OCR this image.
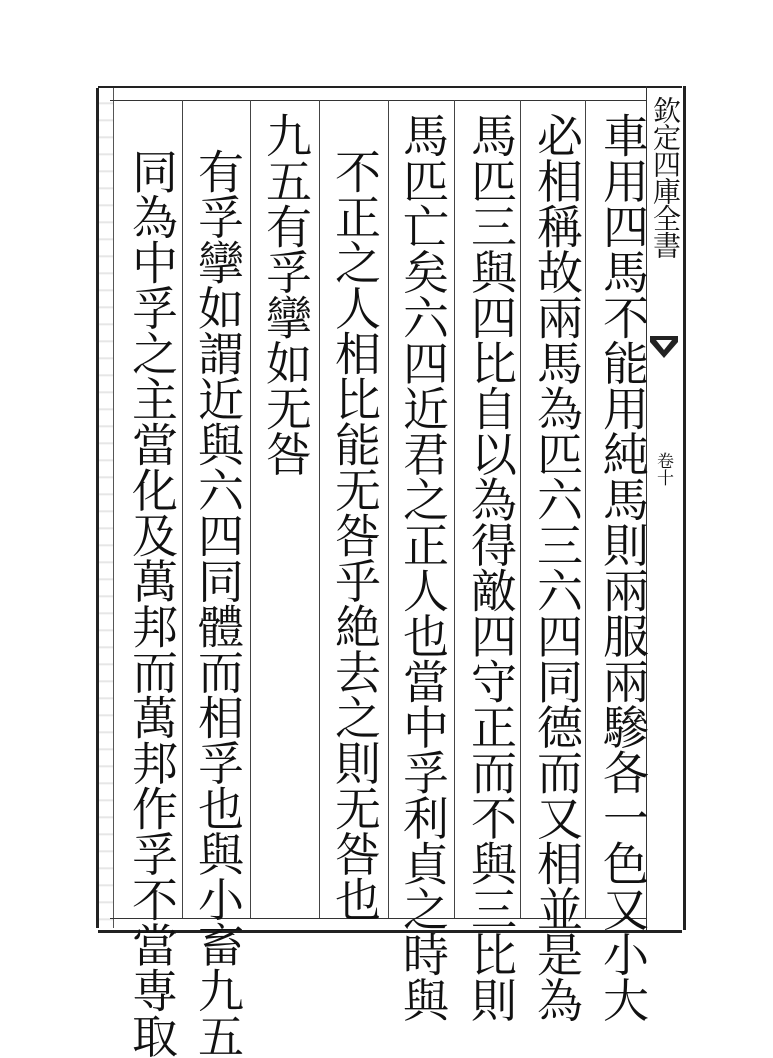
欽定四庫全書
卷十
車用四馬不能用純馬則兩服兩驂各一色又小大
必相稱故兩馬為匹六三六四同德而又相並是為
馬匹三與四比自以為得敵四守正而不與三比則
馬匹亡矣六四近君之正人也當中孚利貞之時與
不正之人相比能无咎乎絶去之則无咎也
九五有孚攣如无咎
有孚攣如謂近與六四同體而相孚也與小畜九五
同為中孚之主當化及萬邦而萬邦作孚不當専取
